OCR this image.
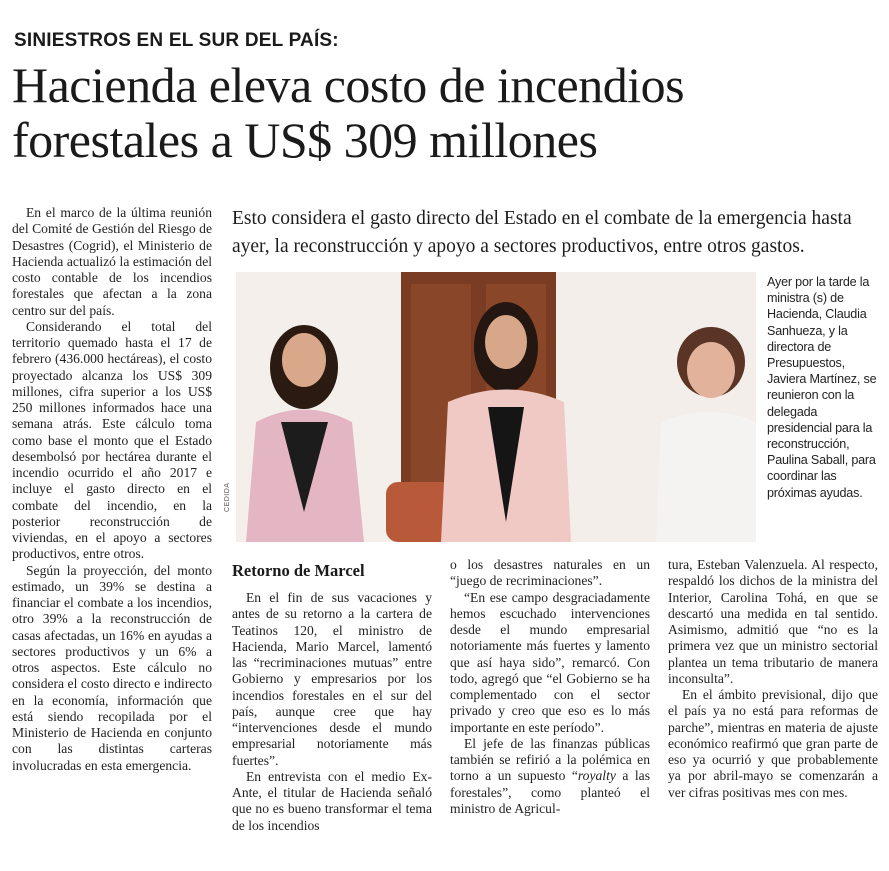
SINIESTROS EN EL SUR DEL PAÍS:
Hacienda eleva costo de incendios
forestales a US$ 309 millones
Esto considera el gasto directo del Estado en el combate de la emergencia hasta ayer, la reconstrucción y apoyo a sectores productivos, entre otros gastos.

En el marco de la última reunión del Comité de Gestión del Riesgo de Desastres (Cogrid), el Ministerio de Hacienda actualizó la estimación del costo contable de los incendios forestales que afectan a la zona centro sur del país.

Considerando el total del territorio quemado hasta el 17 de febrero (436.000 hectáreas), el costo proyectado alcanza los US$ 309 millones, cifra superior a los US$ 250 millones informados hace una semana atrás. Este cálculo toma como base el monto que el Estado desembolsó por hectárea durante el incendio ocurrido el año 2017 e incluye el gasto directo en el combate del incendio, en la posterior reconstrucción de viviendas, en el apoyo a sectores productivos, entre otros.

Según la proyección, del monto estimado, un 39% se destina a financiar el combate a los incendios, otro 39% a la reconstrucción de casas afectadas, un 16% en ayudas a sectores productivos y un 6% a otros aspectos. Este cálculo no considera el costo directo e indirecto en la economía, información que está siendo recopilada por el Ministerio de Hacienda en conjunto con las distintas carteras involucradas en esta emergencia.

CEDIDA
Ayer por la tarde la ministra (s) de Hacienda, Claudia Sanhueza, y la directora de Presupuestos, Javiera Martínez, se reunieron con la delegada presidencial para la reconstrucción, Paulina Saball, para coordinar las próximas ayudas.
Retorno de Marcel

En el fin de sus vacaciones y antes de su retorno a la cartera de Teatinos 120, el ministro de Hacienda, Mario Marcel, lamentó las “recriminaciones mutuas” entre Gobierno y empresarios por los incendios forestales en el sur del país, aunque cree que hay “intervenciones desde el mundo empresarial notoriamente más fuertes”.

En entrevista con el medio Ex-Ante, el titular de Hacienda señaló que no es bueno transformar el tema de los incendios

o los desastres naturales en un “juego de recriminaciones”.

“En ese campo desgraciadamente hemos escuchado intervenciones desde el mundo empresarial notoriamente más fuertes y lamento que así haya sido”, remarcó. Con todo, agregó que “el Gobierno se ha complementado con el sector privado y creo que eso es lo más importante en este período”.

El jefe de las finanzas públicas también se refirió a la polémica en torno a un supuesto “royalty a las forestales”, como planteó el ministro de Agricul-

tura, Esteban Valenzuela. Al respecto, respaldó los dichos de la ministra del Interior, Carolina Tohá, en que se descartó una medida en tal sentido. Asimismo, admitió que “no es la primera vez que un ministro sectorial plantea un tema tributario de manera inconsulta”.

En el ámbito previsional, dijo que el país ya no está para reformas de parche”, mientras en materia de ajuste económico reafirmó que gran parte de eso ya ocurrió y que probablemente ya por abril-mayo se comenzarán a ver cifras positivas mes con mes.
